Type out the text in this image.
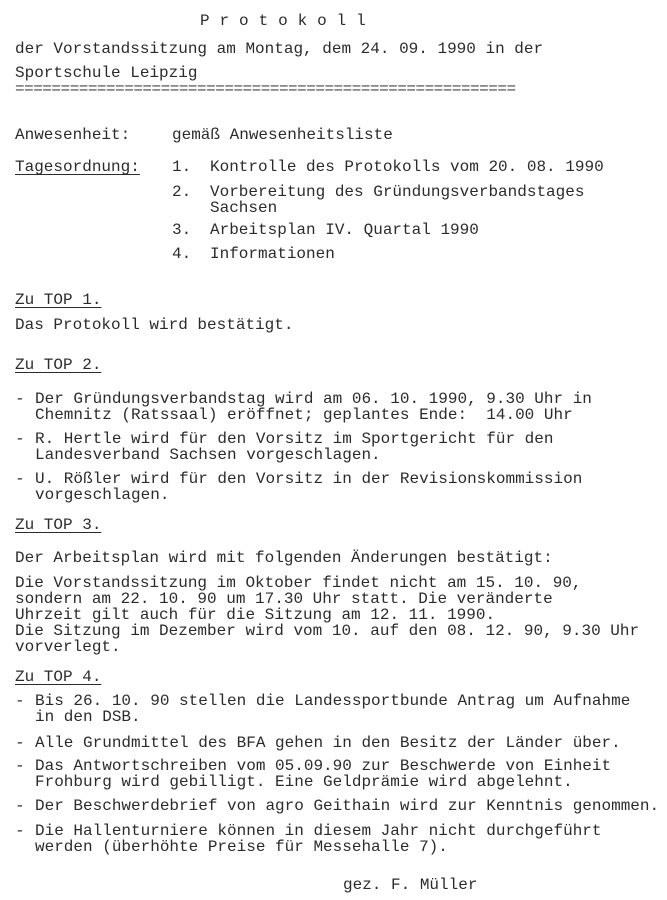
Protokoll
der Vorstandssitzung am Montag, dem 24. 09. 1990 in der
Sportschule Leipzig
=======================================================
Anwesenheit:	gemäß Anwesenheitsliste
Tagesordnung: 1. Kontrolle des Protokolls vom 20. 08. 1990
2. Vorbereitung des Gründungsverbandstages
Sachsen
3. Arbeitsplan IV. Quartal 1990
4. Informationen
Zu TOP 1.
Das Protokoll wird bestätigt.
Zu TOP 2.
- Der Gründungsverbandstag wird am 06. 10. 1990, 9.30 Uhr in
Chemnitz (Ratssaal) eröffnet; geplantes Ende:  14.00 Uhr
- R. Hertle wird für den Vorsitz im Sportgericht für den
Landesverband Sachsen vorgeschlagen.
- U. Rößler wird für den Vorsitz in der Revisionskommission
vorgeschlagen.
Zu TOP 3.
Der Arbeitsplan wird mit folgenden Änderungen bestätigt:
Die Vorstandssitzung im Oktober findet nicht am 15. 10. 90,
sondern am 22. 10. 90 um 17.30 Uhr statt. Die veränderte
Uhrzeit gilt auch für die Sitzung am 12. 11. 1990.
Die Sitzung im Dezember wird vom 10. auf den 08. 12. 90, 9.30 Uhr
vorverlegt.
Zu TOP 4.
- Bis 26. 10. 90 stellen die Landessportbunde Antrag um Aufnahme
in den DSB.
- Alle Grundmittel des BFA gehen in den Besitz der Länder über.
- Das Antwortschreiben vom 05.09.90 zur Beschwerde von Einheit
Frohburg wird gebilligt. Eine Geldprämie wird abgelehnt.
- Der Beschwerdebrief von agro Geithain wird zur Kenntnis genommen.
- Die Hallenturniere können in diesem Jahr nicht durchgeführt
werden (überhöhte Preise für Messehalle 7).
gez. F. Müller
